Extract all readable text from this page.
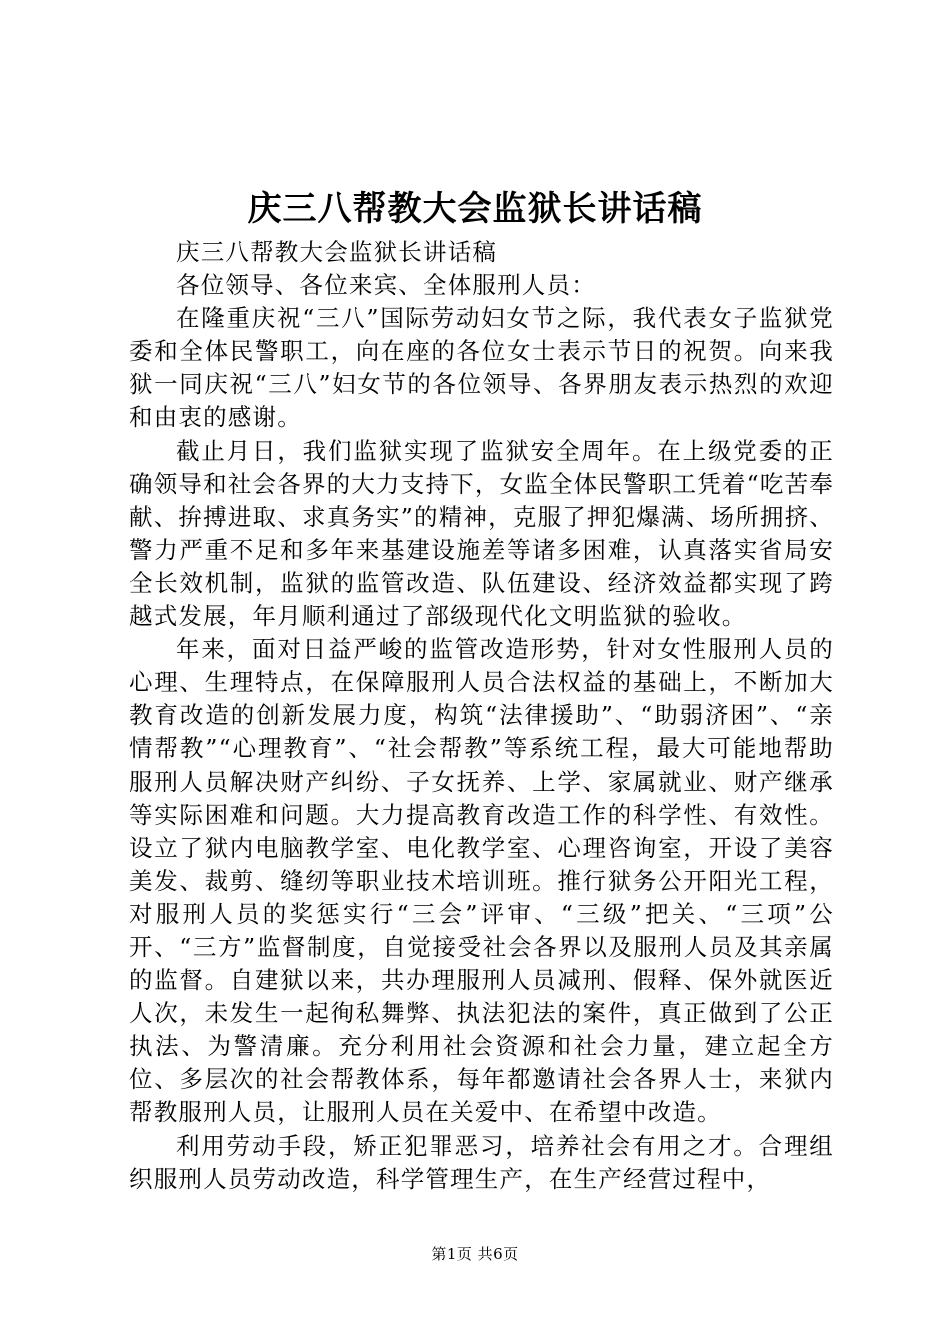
庆三八帮教大会监狱长讲话稿

庆三八帮教大会监狱长讲话稿

各位领导、各位来宾、全体服刑人员：

在隆重庆祝“三八”国际劳动妇女节之际，我代表女子监狱党委和全体民警职工，向在座的各位女士表示节日的祝贺。向来我狱一同庆祝“三八”妇女节的各位领导、各界朋友表示热烈的欢迎和由衷的感谢。

截止月日，我们监狱实现了监狱安全周年。在上级党委的正确领导和社会各界的大力支持下，女监全体民警职工凭着“吃苦奉献、拚搏进取、求真务实”的精神，克服了押犯爆满、场所拥挤、警力严重不足和多年来基建设施差等诸多困难，认真落实省局安全长效机制，监狱的监管改造、队伍建设、经济效益都实现了跨越式发展，年月顺利通过了部级现代化文明监狱的验收。

年来，面对日益严峻的监管改造形势，针对女性服刑人员的心理、生理特点，在保障服刑人员合法权益的基础上，不断加大教育改造的创新发展力度，构筑“法律援助”、“助弱济困”、“亲情帮教”“心理教育”、“社会帮教”等系统工程，最大可能地帮助服刑人员解决财产纠纷、子女抚养、上学、家属就业、财产继承等实际困难和问题。大力提高教育改造工作的科学性、有效性。设立了狱内电脑教学室、电化教学室、心理咨询室，开设了美容美发、裁剪、缝纫等职业技术培训班。推行狱务公开阳光工程，对服刑人员的奖惩实行“三会”评审、“三级”把关、“三项”公开、“三方”监督制度，自觉接受社会各界以及服刑人员及其亲属的监督。自建狱以来，共办理服刑人员减刑、假释、保外就医近人次，未发生一起徇私舞弊、执法犯法的案件，真正做到了公正执法、为警清廉。充分利用社会资源和社会力量，建立起全方位、多层次的社会帮教体系，每年都邀请社会各界人士，来狱内帮教服刑人员，让服刑人员在关爱中、在希望中改造。

利用劳动手段，矫正犯罪恶习，培养社会有用之才。合理组织服刑人员劳动改造，科学管理生产，在生产经营过程中，

第1页 共6页
